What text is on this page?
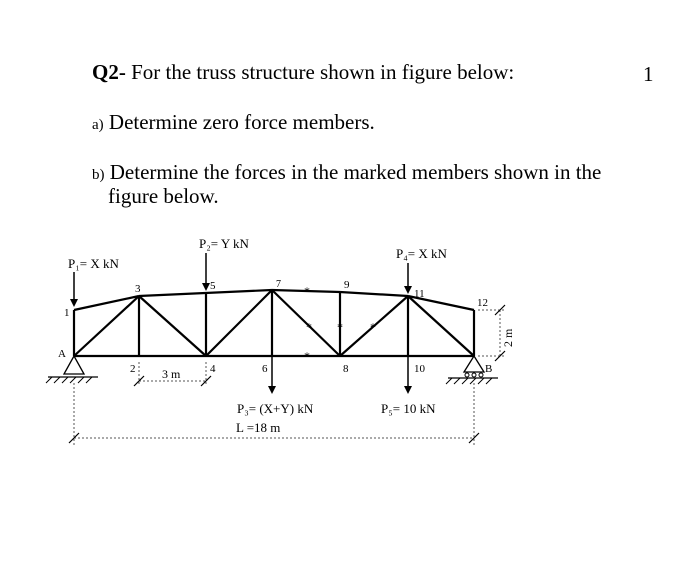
1
Q2- For the truss structure shown in figure below:
a) Determine zero force members.
b) Determine the forces in the marked members shown in the
figure below.
*
* * *
*
1
2
3
4
5
6
7
8
9
10
11
12
A
B
P₁= X kN
P₂= Y kN
P₄= X kN
P₃= (X+Y) kN	P₅= 10 kN
3 m
L =18 m
2 m
